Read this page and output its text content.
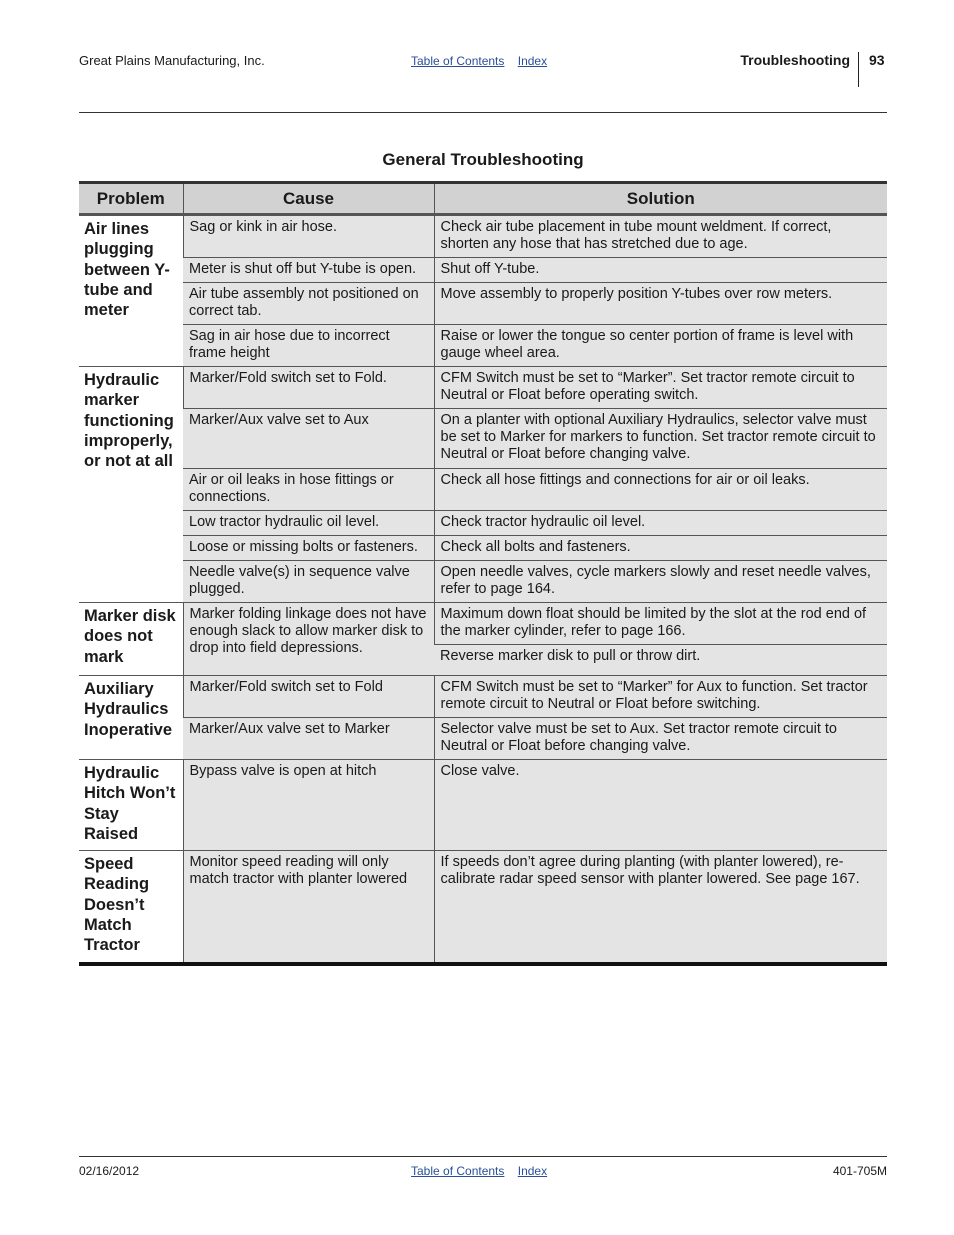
Great Plains Manufacturing, Inc.	Table of Contents Index	Troubleshooting 93
General Troubleshooting
Problem	Cause	Solution
Air lines plugging between Y-tube and meter	Sag or kink in air hose.	Check air tube placement in tube mount weldment. If correct, shorten any hose that has stretched due to age.
	Meter is shut off but Y-tube is open.	Shut off Y-tube.
	Air tube assembly not positioned on correct tab.	Move assembly to properly position Y-tubes over row meters.
	Sag in air hose due to incorrect frame height	Raise or lower the tongue so center portion of frame is level with gauge wheel area.
Hydraulic marker functioning improperly, or not at all	Marker/Fold switch set to Fold.	CFM Switch must be set to “Marker”. Set tractor remote circuit to Neutral or Float before operating switch.
	Marker/Aux valve set to Aux	On a planter with optional Auxiliary Hydraulics, selector valve must be set to Marker for markers to function. Set tractor remote circuit to Neutral or Float before changing valve.
	Air or oil leaks in hose fittings or connections.	Check all hose fittings and connections for air or oil leaks.
	Low tractor hydraulic oil level.	Check tractor hydraulic oil level.
	Loose or missing bolts or fasteners.	Check all bolts and fasteners.
	Needle valve(s) in sequence valve plugged.	Open needle valves, cycle markers slowly and reset needle valves, refer to page 164.
Marker disk does not mark	Marker folding linkage does not have enough slack to allow marker disk to drop into field depressions.	Maximum down float should be limited by the slot at the rod end of the marker cylinder, refer to page 166.
		Reverse marker disk to pull or throw dirt.
Auxiliary Hydraulics Inoperative	Marker/Fold switch set to Fold	CFM Switch must be set to “Marker” for Aux to function. Set tractor remote circuit to Neutral or Float before switching.
	Marker/Aux valve set to Marker	Selector valve must be set to Aux. Set tractor remote circuit to Neutral or Float before changing valve.
Hydraulic Hitch Won’t Stay Raised	Bypass valve is open at hitch	Close valve.
Speed Reading Doesn’t Match Tractor	Monitor speed reading will only match tractor with planter lowered	If speeds don’t agree during planting (with planter lowered), re-calibrate radar speed sensor with planter lowered. See page 167.
02/16/2012	Table of Contents Index	401-705M
